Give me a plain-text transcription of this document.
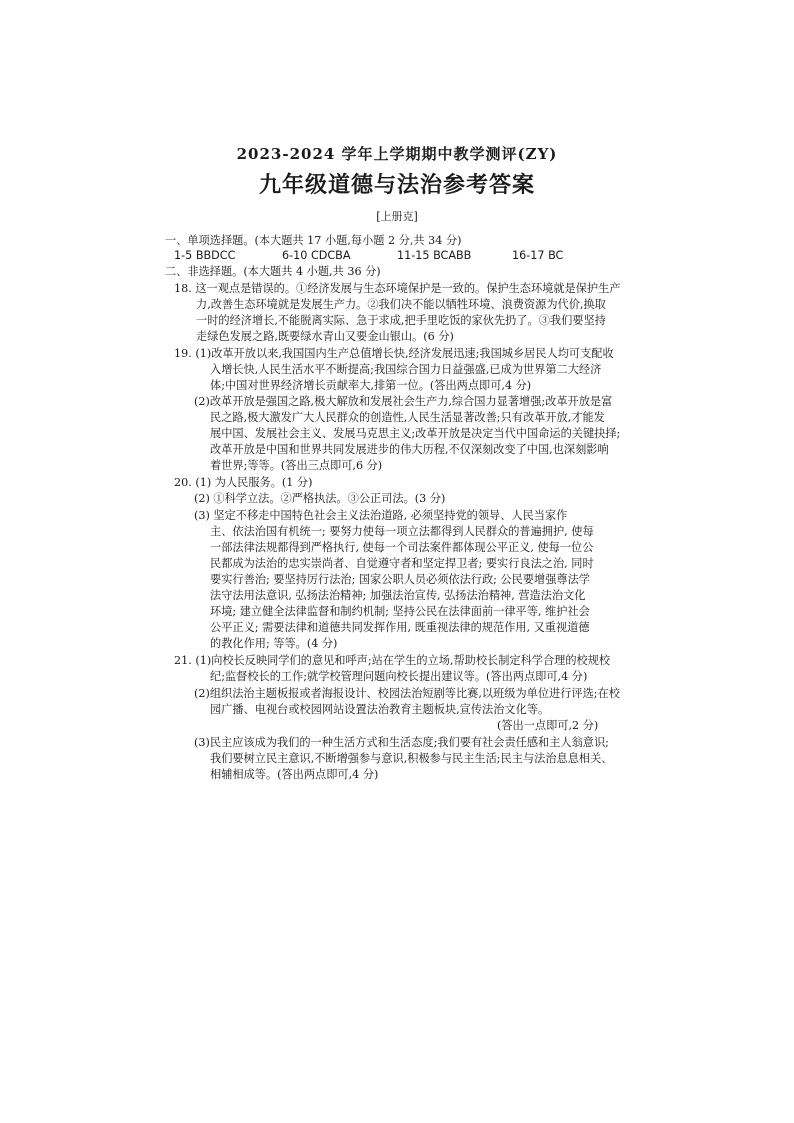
2023-2024 学年上学期期中教学测评(ZY)
九年级道德与法治参考答案
[上册克]
一、单项选择题。(本大题共 17 小题,每小题 2 分,共 34 分)
1-5 BBDCC	6-10 CDCBA	11-15 BCABB	16-17 BC
二、非选择题。(本大题共 4 小题,共 36 分)
18. 这一观点是错误的。①经济发展与生态环境保护是一致的。保护生态环境就是保护生产
力,改善生态环境就是发展生产力。②我们决不能以牺牲环境、浪费资源为代价,换取
一时的经济增长,不能脱离实际、急于求成,把手里吃饭的家伙先扔了。③我们要坚持
走绿色发展之路,既要绿水青山又要金山银山。(6 分)
19. (1)改革开放以来,我国国内生产总值增长快,经济发展迅速;我国城乡居民人均可支配收
入增长快,人民生活水平不断提高;我国综合国力日益强盛,已成为世界第二大经济
体;中国对世界经济增长贡献率大,排第一位。(答出两点即可,4 分)
(2)改革开放是强国之路,极大解放和发展社会生产力,综合国力显著增强;改革开放是富
民之路,极大激发广大人民群众的创造性,人民生活显著改善;只有改革开放,才能发
展中国、发展社会主义、发展马克思主义;改革开放是决定当代中国命运的关键抉择;
改革开放是中国和世界共同发展进步的伟大历程,不仅深刻改变了中国,也深刻影响
着世界;等等。(答出三点即可,6 分)
20. (1) 为人民服务。(1 分)
(2) ①科学立法。②严格执法。③公正司法。(3 分)
(3) 坚定不移走中国特色社会主义法治道路, 必须坚持党的领导、人民当家作
主、依法治国有机统一; 要努力使每一项立法都得到人民群众的普遍拥护, 使每
一部法律法规都得到严格执行, 使每一个司法案件都体现公平正义, 使每一位公
民都成为法治的忠实崇尚者、自觉遵守者和坚定捍卫者; 要实行良法之治, 同时
要实行善治; 要坚持厉行法治; 国家公职人员必须依法行政; 公民要增强尊法学
法守法用法意识, 弘扬法治精神; 加强法治宣传, 弘扬法治精神, 营造法治文化
环境; 建立健全法律监督和制约机制; 坚持公民在法律面前一律平等, 维护社会
公平正义; 需要法律和道德共同发挥作用, 既重视法律的规范作用, 又重视道德
的教化作用; 等等。(4 分)
21. (1)向校长反映同学们的意见和呼声;站在学生的立场,帮助校长制定科学合理的校规校
纪;监督校长的工作;就学校管理问题向校长提出建议等。(答出两点即可,4 分)
(2)组织法治主题板报或者海报设计、校园法治短剧等比赛,以班级为单位进行评选;在校
园广播、电视台或校园网站设置法治教育主题板块,宣传法治文化等。
(答出一点即可,2 分)
(3)民主应该成为我们的一种生活方式和生活态度;我们要有社会责任感和主人翁意识;
我们要树立民主意识,不断增强参与意识,积极参与民主生活;民主与法治息息相关、
相辅相成等。(答出两点即可,4 分)
